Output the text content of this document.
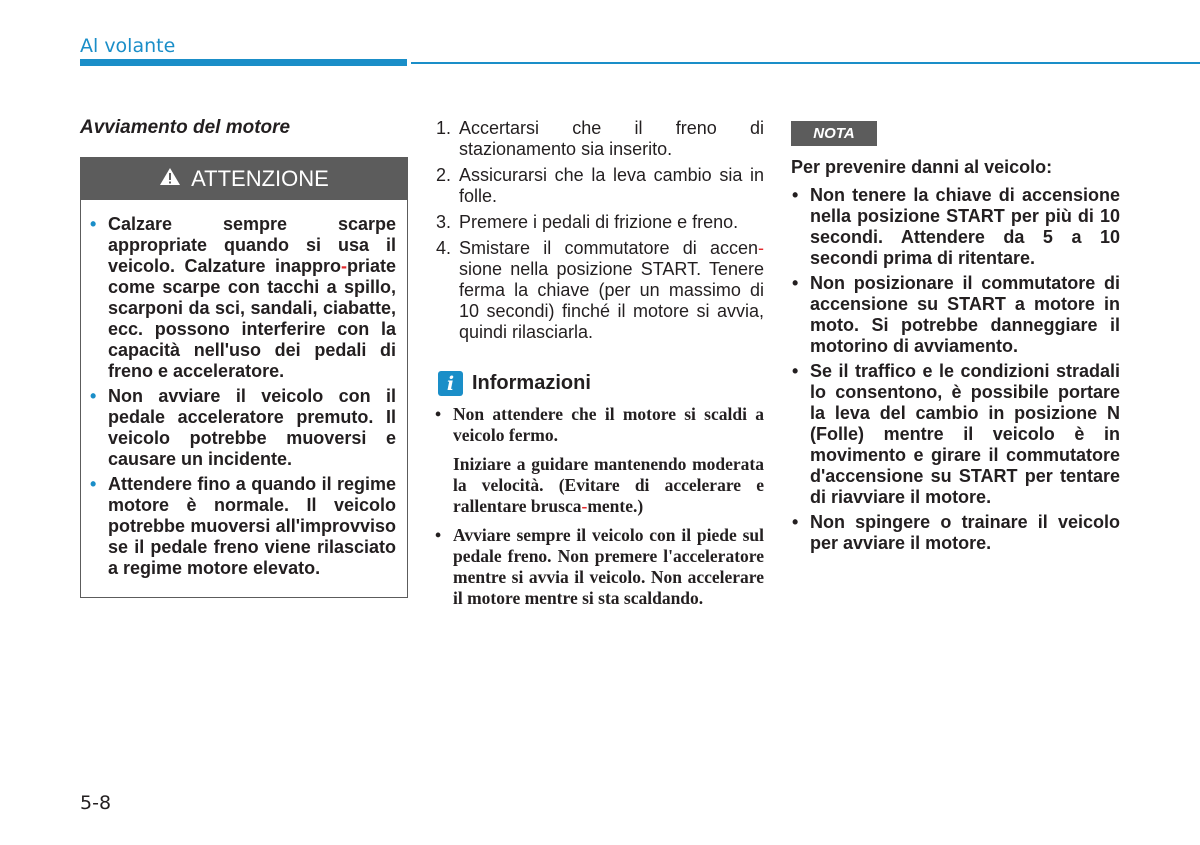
Al volante
Avviamento del motore
ATTENZIONE
• Calzare sempre scarpe appropriate quando si usa il veicolo. Calzature inappro-priate come scarpe con tacchi a spillo, scarponi da sci, sandali, ciabatte, ecc. possono interferire con la capacità nell'uso dei pedali di freno e acceleratore.
• Non avviare il veicolo con il pedale acceleratore premuto. Il veicolo potrebbe muoversi e causare un incidente.
• Attendere fino a quando il regime motore è normale. Il veicolo potrebbe muoversi all'improvviso se il pedale freno viene rilasciato a regime motore elevato.
1. Accertarsi che il freno di stazionamento sia inserito.
2. Assicurarsi che la leva cambio sia in folle.
3. Premere i pedali di frizione e freno.
4. Smistare il commutatore di accen-sione nella posizione START. Tenere ferma la chiave (per un massimo di 10 secondi) finché il motore si avvia, quindi rilasciarla.
i Informazioni
• Non attendere che il motore si scaldi a veicolo fermo.

Iniziare a guidare mantenendo moderata la velocità. (Evitare di accelerare e rallentare brusca-mente.)

• Avviare sempre il veicolo con il piede sul pedale freno. Non premere l'acceleratore mentre si avvia il veicolo. Non accelerare il motore mentre si sta scaldando.
NOTA
Per prevenire danni al veicolo:
• Non tenere la chiave di accensione nella posizione START per più di 10 secondi. Attendere da 5 a 10 secondi prima di ritentare.
• Non posizionare il commutatore di accensione su START a motore in moto. Si potrebbe danneggiare il motorino di avviamento.
• Se il traffico e le condizioni stradali lo consentono, è possibile portare la leva del cambio in posizione N (Folle) mentre il veicolo è in movimento e girare il commutatore d'accensione su START per tentare di riavviare il motore.
• Non spingere o trainare il veicolo per avviare il motore.
5-8
